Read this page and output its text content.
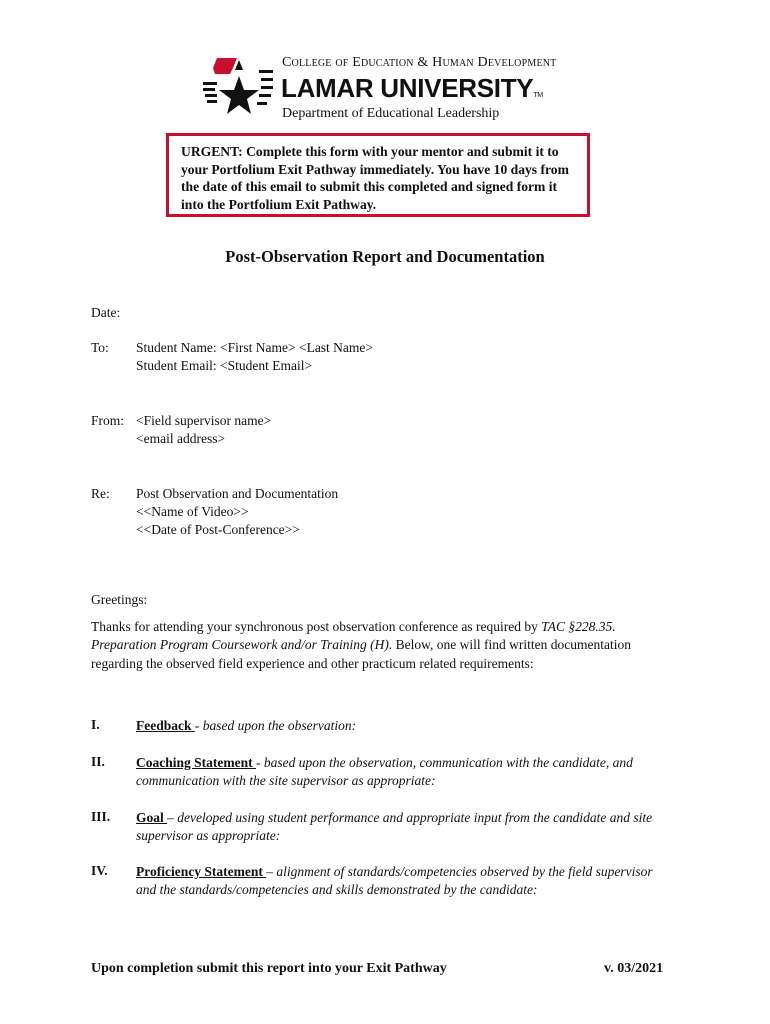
College of Education & Human Development
LAMAR UNIVERSITYTM
Department of Educational Leadership
URGENT: Complete this form with your mentor and submit it to your Portfolium Exit Pathway immediately. You have 10 days from the date of this email to submit this completed and signed form it into the Portfolium Exit Pathway.
Post-Observation Report and Documentation
Date:
To: Student Name: <First Name> <Last Name>
Student Email: <Student Email>
From: <Field supervisor name>
<email address>
Re: Post Observation and Documentation
<<Name of Video>>
<<Date of Post-Conference>>
Greetings:
Thanks for attending your synchronous post observation conference as required by TAC §228.35. Preparation Program Coursework and/or Training (H). Below, one will find written documentation regarding the observed field experience and other practicum related requirements:
I.	Feedback - based upon the observation:
II. Coaching Statement - based upon the observation, communication with the candidate, and communication with the site supervisor as appropriate:
III. Goal – developed using student performance and appropriate input from the candidate and site supervisor as appropriate:
IV. Proficiency Statement – alignment of standards/competencies observed by the field supervisor and the standards/competencies and skills demonstrated by the candidate:
Upon completion submit this report into your Exit Pathway	v. 03/2021
